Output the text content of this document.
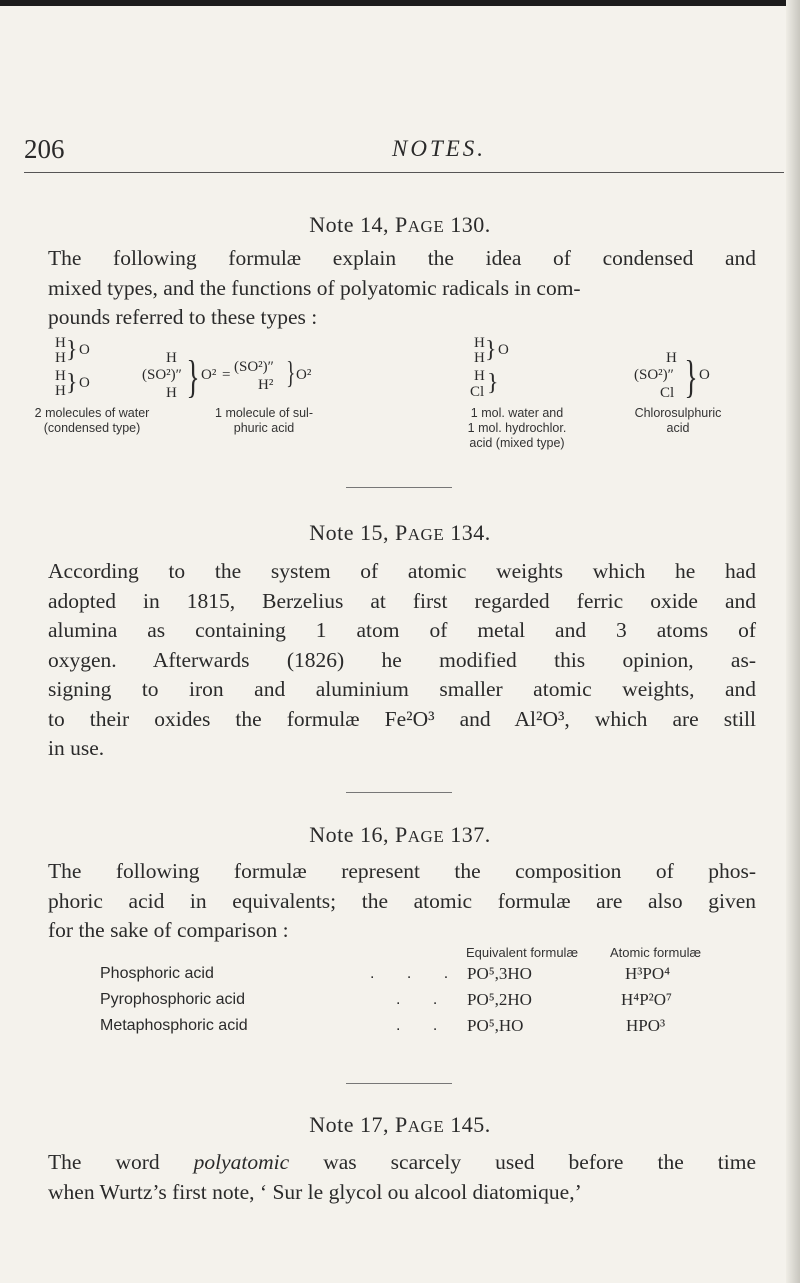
206	NOTES.
Note 14, PAGE 130.
The following formulæ explain the idea of condensed and
mixed types, and the functions of polyatomic radicals in com-
pounds referred to these types :
H
H } O
H
H } O
H
(SO²)″
H } O² = (SO²)″
H² } O²
H
H } O
H
Cl }
H
(SO²)″
Cl } O
2 molecules of water
(condensed type)
1 molecule of sul-
phuric acid
1 mol. water and
1 mol. hydrochlor.
acid (mixed type)
Chlorosulphuric
acid
Note 15, PAGE 134.
According to the system of atomic weights which he had
adopted in 1815, Berzelius at first regarded ferric oxide and
alumina as containing 1 atom of metal and 3 atoms of
oxygen. Afterwards (1826) he modified this opinion, as-
signing to iron and aluminium smaller atomic weights, and
to their oxides the formulæ Fe²O³ and Al²O³, which are still
in use.
Note 16, PAGE 137.
The following formulæ represent the composition of phos-
phoric acid in equivalents; the atomic formulæ are also given
for the sake of comparison :
Equivalent formulæ Atomic formulæ
Phosphoric acid	. . . PO⁵,3HO	H³PO⁴
Pyrophosphoric acid	. . PO⁵,2HO	H⁴P²O⁷
Metaphosphoric acid	. . PO⁵,HO	HPO³
Note 17, PAGE 145.
The word polyatomic was scarcely used before the time
when Wurtz’s first note, ‘ Sur le glycol ou alcool diatomique,’
